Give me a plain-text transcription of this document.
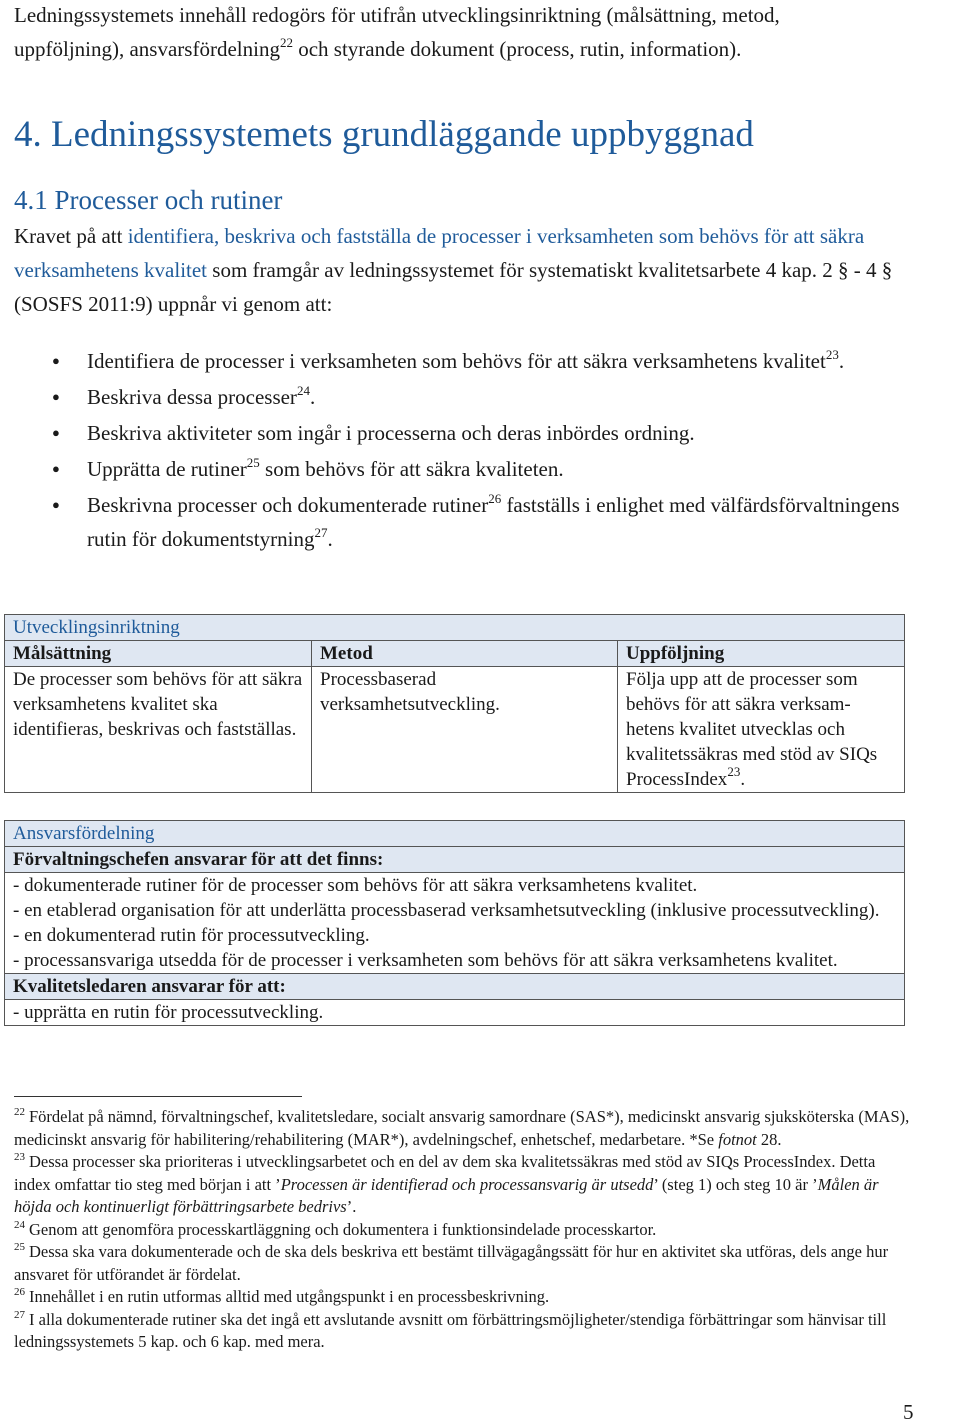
Ledningssystemets innehåll redogörs för utifrån utvecklingsinriktning (målsättning, metod,
uppföljning), ansvarsfördelning$^{22}$ och styrande dokument (process, rutin, information).

4. Ledningssystemets grundläggande uppbyggnad
4.1 Processer och rutiner

Kravet på att identifiera, beskriva och fastställa de processer i verksamheten som behövs för att säkra verksamhetens kvalitet som framgår av ledningssystemet för systematiskt kvalitetsarbete 4 kap. 2 § - 4 § (SOSFS 2011:9) uppnår vi genom att:

● Identifiera de processer i verksamheten som behövs för att säkra verksamhetens kvalitet$^{23}$.
● Beskriva dessa processer$^{24}$.
● Beskriva aktiviteter som ingår i processerna och deras inbördes ordning.
● Upprätta de rutiner$^{25}$ som behövs för att säkra kvaliteten.
● Beskrivna processer och dokumenterade rutiner$^{26}$ fastställs i enlighet med välfärdsförvaltningens rutin för dokumentstyrning$^{27}$.
Utvecklingsinriktning		
Målsättning	Metod	Uppföljning
De processer som behövs för att säkra verksamhetens kvalitet ska identifieras, beskrivas och fastställas.	Processbaserad verksamhetsutveckling.	Följa upp att de processer som behövs för att säkra verksam-hetens kvalitet utvecklas och kvalitetssäkras med stöd av SIQs ProcessIndex$^{23}$.
Ansvarsfördelning
Förvaltningschefen ansvarar för att det finns:

- dokumenterade rutiner för de processer som behövs för att säkra verksamhetens kvalitet.
- en etablerad organisation för att underlätta processbaserad verksamhetsutveckling (inklusive processutveckling).
- en dokumenterad rutin för processutveckling.
- processansvariga utsedda för de processer i verksamheten som behövs för att säkra verksamhetens kvalitet.

Kvalitetsledaren ansvarar för att:

- upprätta en rutin för processutveckling.

$^{22}$ Fördelat på nämnd, förvaltningschef, kvalitetsledare, socialt ansvarig samordnare (SAS*), medicinskt ansvarig sjuksköterska (MAS), medicinskt ansvarig för habilitering/rehabilitering (MAR*), avdelningschef, enhetschef, medarbetare. *Se fotnot 28.

$^{23}$ Dessa processer ska prioriteras i utvecklingsarbetet och en del av dem ska kvalitetssäkras med stöd av SIQs ProcessIndex. Detta index omfattar tio steg med början i att ’Processen är identifierad och processansvarig är utsedd’ (steg 1) och steg 10 är ’Målen är höjda och kontinuerligt förbättringsarbete bedrivs’.

$^{24}$ Genom att genomföra processkartläggning och dokumentera i funktionsindelade processkartor.

$^{25}$ Dessa ska vara dokumenterade och de ska dels beskriva ett bestämt tillvägagångssätt för hur en aktivitet ska utföras, dels ange hur ansvaret för utförandet är fördelat.

$^{26}$ Innehållet i en rutin utformas alltid med utgångspunkt i en processbeskrivning.

$^{27}$ I alla dokumenterade rutiner ska det ingå ett avslutande avsnitt om förbättringsmöjligheter/stendiga förbättringar som hänvisar till ledningssystemets 5 kap. och 6 kap. med mera.

5
